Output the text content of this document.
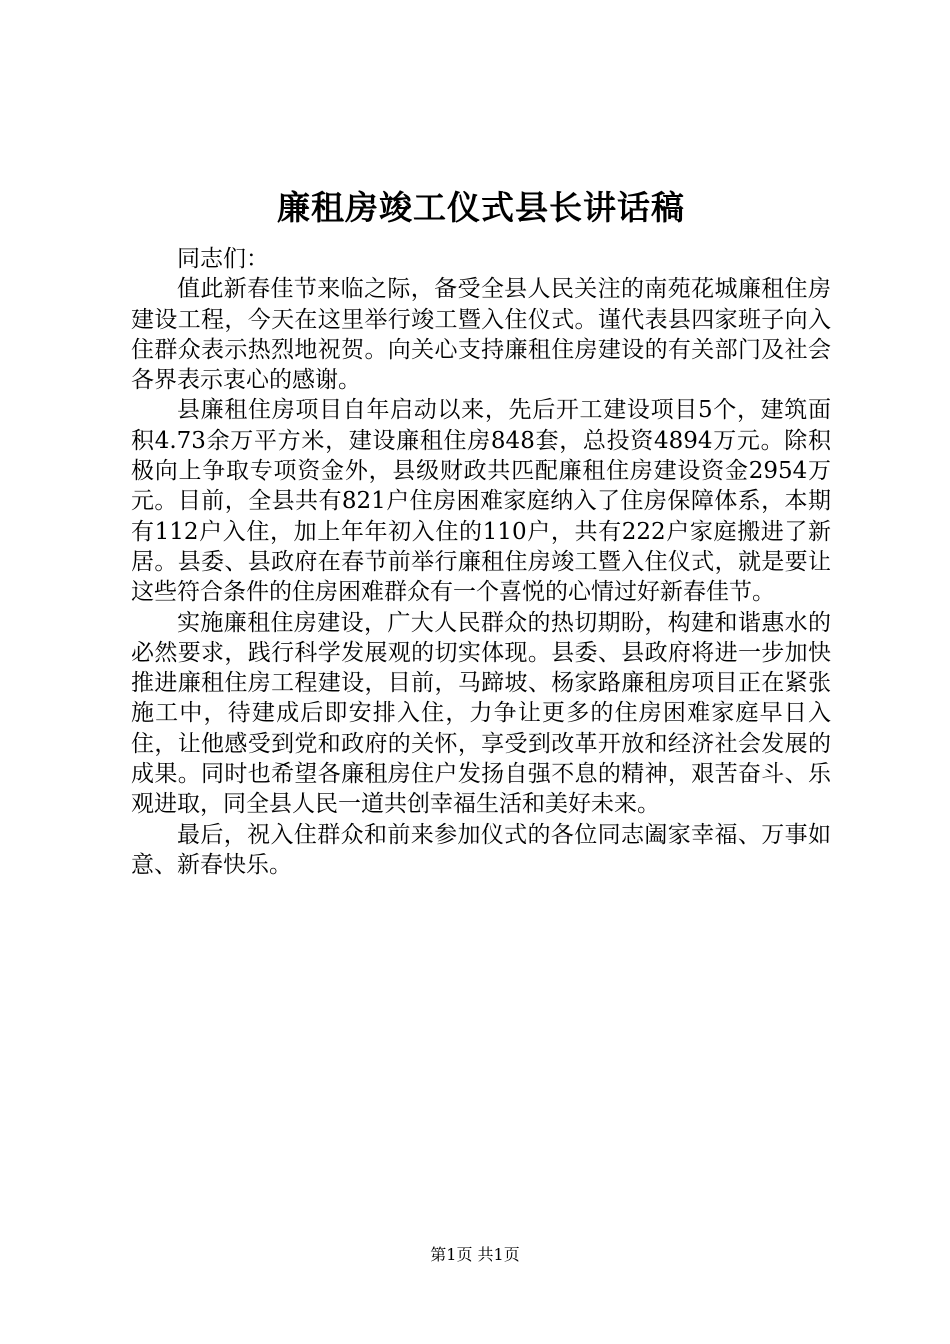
廉租房竣工仪式县长讲话稿

同志们：

值此新春佳节来临之际，备受全县人民关注的南苑花城廉租住房建设工程，今天在这里举行竣工暨入住仪式。谨代表县四家班子向入住群众表示热烈地祝贺。向关心支持廉租住房建设的有关部门及社会各界表示衷心的感谢。

县廉租住房项目自年启动以来，先后开工建设项目5个，建筑面积4.73余万平方米，建设廉租住房848套，总投资4894万元。除积极向上争取专项资金外，县级财政共匹配廉租住房建设资金2954万元。目前，全县共有821户住房困难家庭纳入了住房保障体系，本期有112户入住，加上年年初入住的110户，共有222户家庭搬进了新居。县委、县政府在春节前举行廉租住房竣工暨入住仪式，就是要让这些符合条件的住房困难群众有一个喜悦的心情过好新春佳节。

实施廉租住房建设，广大人民群众的热切期盼，构建和谐惠水的必然要求，践行科学发展观的切实体现。县委、县政府将进一步加快推进廉租住房工程建设，目前，马蹄坡、杨家路廉租房项目正在紧张施工中，待建成后即安排入住，力争让更多的住房困难家庭早日入住，让他感受到党和政府的关怀，享受到改革开放和经济社会发展的成果。同时也希望各廉租房住户发扬自强不息的精神，艰苦奋斗、乐观进取，同全县人民一道共创幸福生活和美好未来。

最后，祝入住群众和前来参加仪式的各位同志阖家幸福、万事如意、新春快乐。

第1页 共1页
